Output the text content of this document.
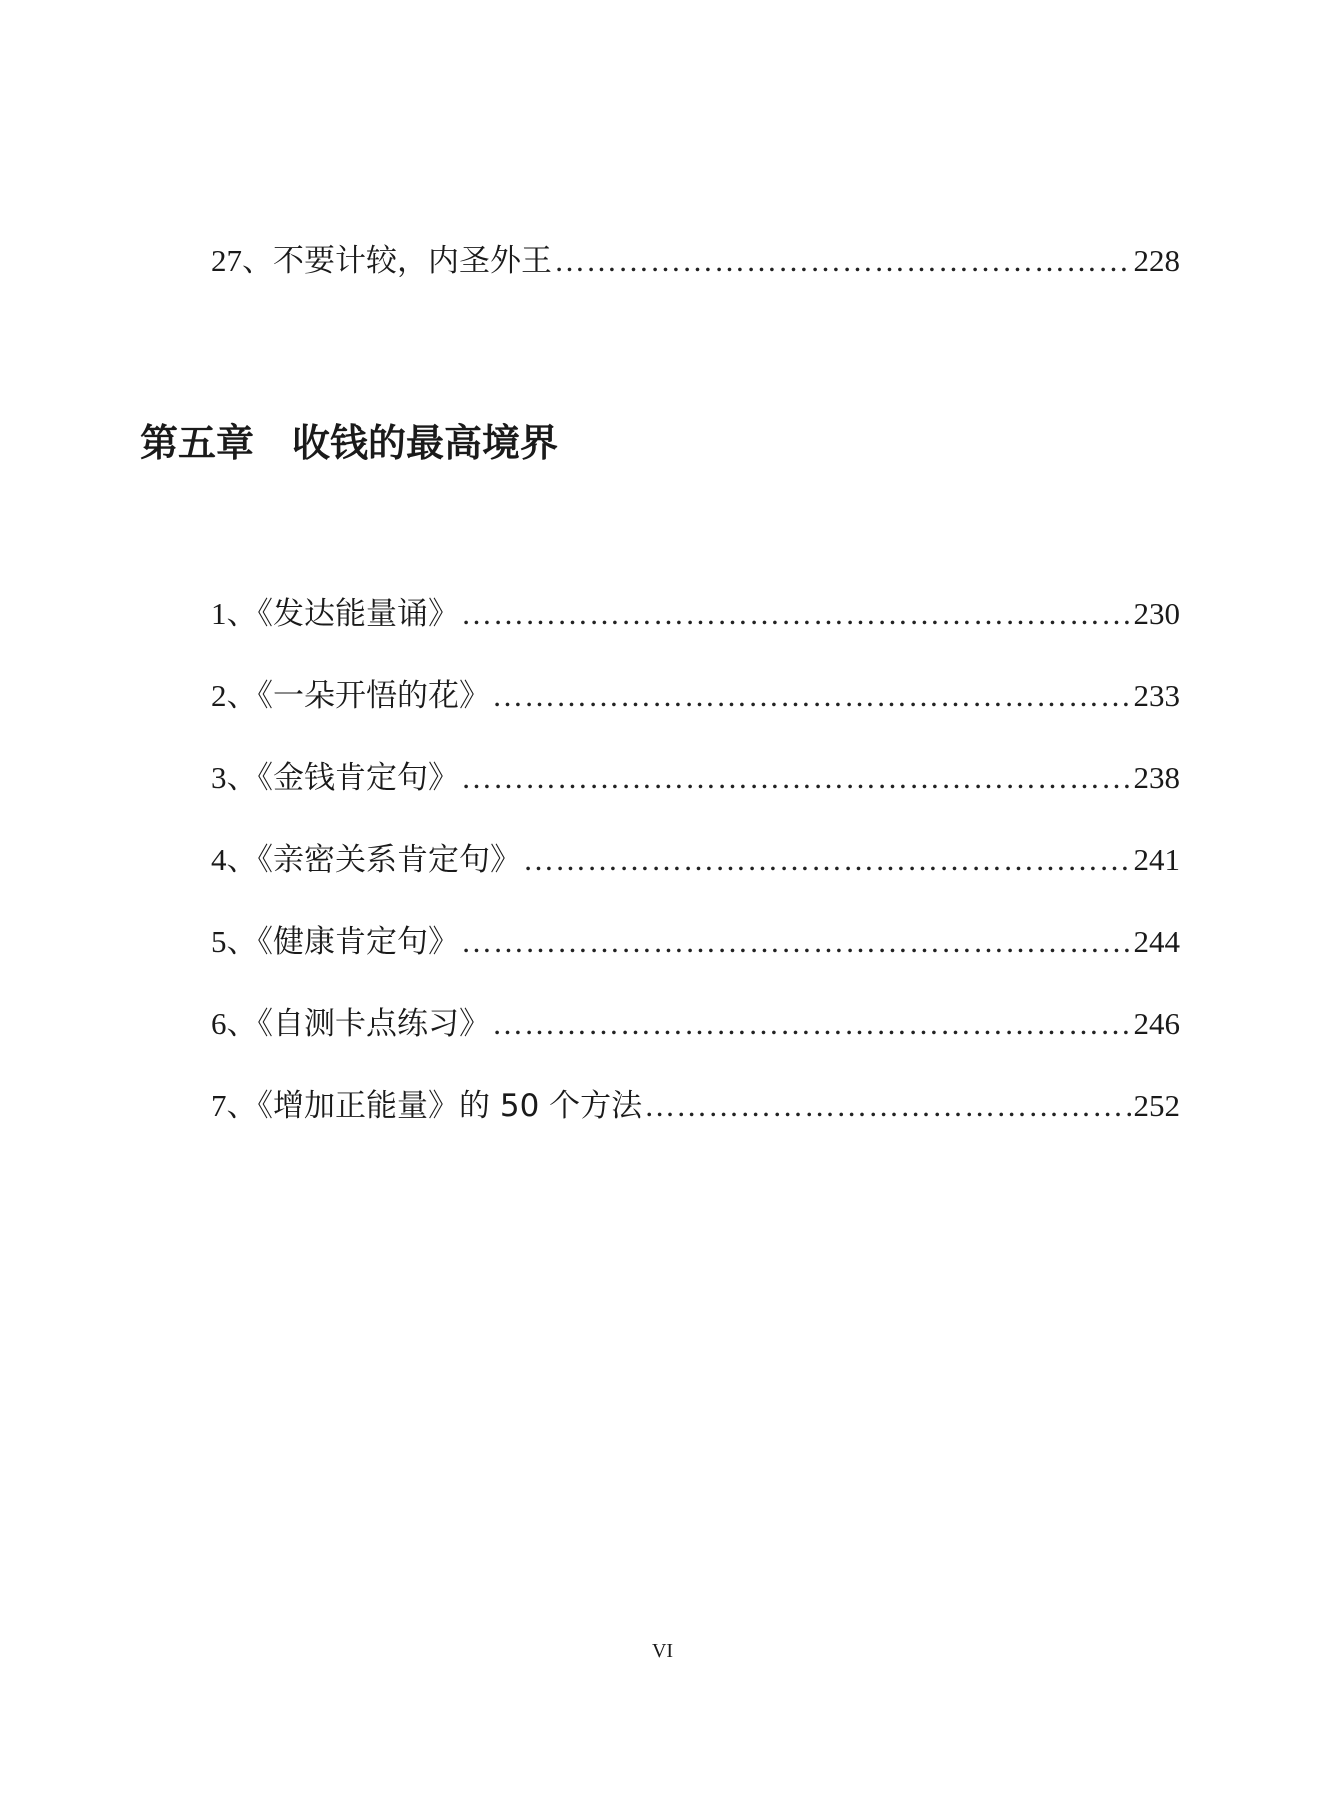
27、不要计较，内圣外王 ……………………………………………………………………………………………………………………………………………………………………………………	228
第五章　收钱的最高境界
1、《发达能量诵》 ……………………………………………………………………………………………………………………………………………………………………………………	230
2、《一朵开悟的花》 ……………………………………………………………………………………………………………………………………………………………………………………	233
3、《金钱肯定句》 ……………………………………………………………………………………………………………………………………………………………………………………	238
4、《亲密关系肯定句》 ……………………………………………………………………………………………………………………………………………………………………………………	241
5、《健康肯定句》 ……………………………………………………………………………………………………………………………………………………………………………………	244
6、《自测卡点练习》 ……………………………………………………………………………………………………………………………………………………………………………………	246
7、《增加正能量》的 50 个方法 ……………………………………………………………………………………………………………………………………………………………………………………	252
VI
